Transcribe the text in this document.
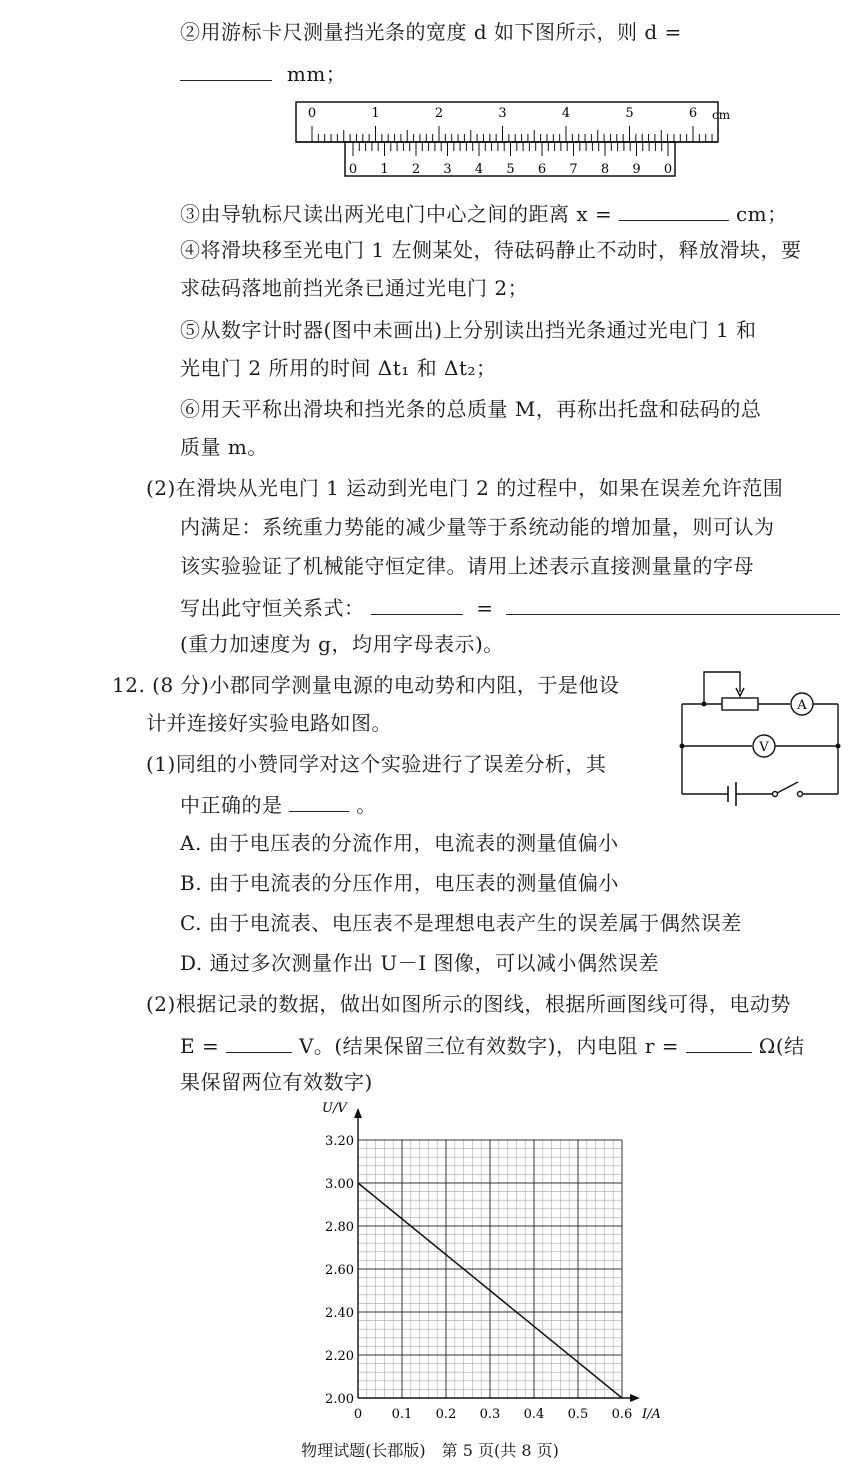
②用游标卡尺测量挡光条的宽度 d 如下图所示，则 d =
mm；
0	1	2	3	4	5	6 cm
0 1 2 3 4 5 6 7 8 9 0
③由导轨标尺读出两光电门中心之间的距离 x =	cm；
④将滑块移至光电门 1 左侧某处，待砝码静止不动时，释放滑块，要
求砝码落地前挡光条已通过光电门 2；
⑤从数字计时器(图中未画出)上分别读出挡光条通过光电门 1 和
光电门 2 所用的时间 Δt₁ 和 Δt₂；
⑥用天平称出滑块和挡光条的总质量 M，再称出托盘和砝码的总
质量 m。
(2)在滑块从光电门 1 运动到光电门 2 的过程中，如果在误差允许范围
内满足：系统重力势能的减少量等于系统动能的增加量，则可认为
该实验验证了机械能守恒定律。请用上述表示直接测量量的字母
写出此守恒关系式：	=
(重力加速度为 g，均用字母表示)。
12. (8 分)小郡同学测量电源的电动势和内阻，于是他设
计并连接好实验电路如图。
(1)同组的小赞同学对这个实验进行了误差分析，其
中正确的是	。
A
V
A. 由于电压表的分流作用，电流表的测量值偏小
B. 由于电流表的分压作用，电压表的测量值偏小
C. 由于电流表、电压表不是理想电表产生的误差属于偶然误差
D. 通过多次测量作出 U－I 图像，可以减小偶然误差
(2)根据记录的数据，做出如图所示的图线，根据所画图线可得，电动势
E =	V。(结果保留三位有效数字)，内电阻 r =	Ω(结
果保留两位有效数字)
2.00
2.20
2.40
2.60
2.80
3.00
3.20
0 0.1 0.2 0.3 0.4 0.5 0.6
U/V
I/A
物理试题(长郡版)　第 5 页(共 8 页)
